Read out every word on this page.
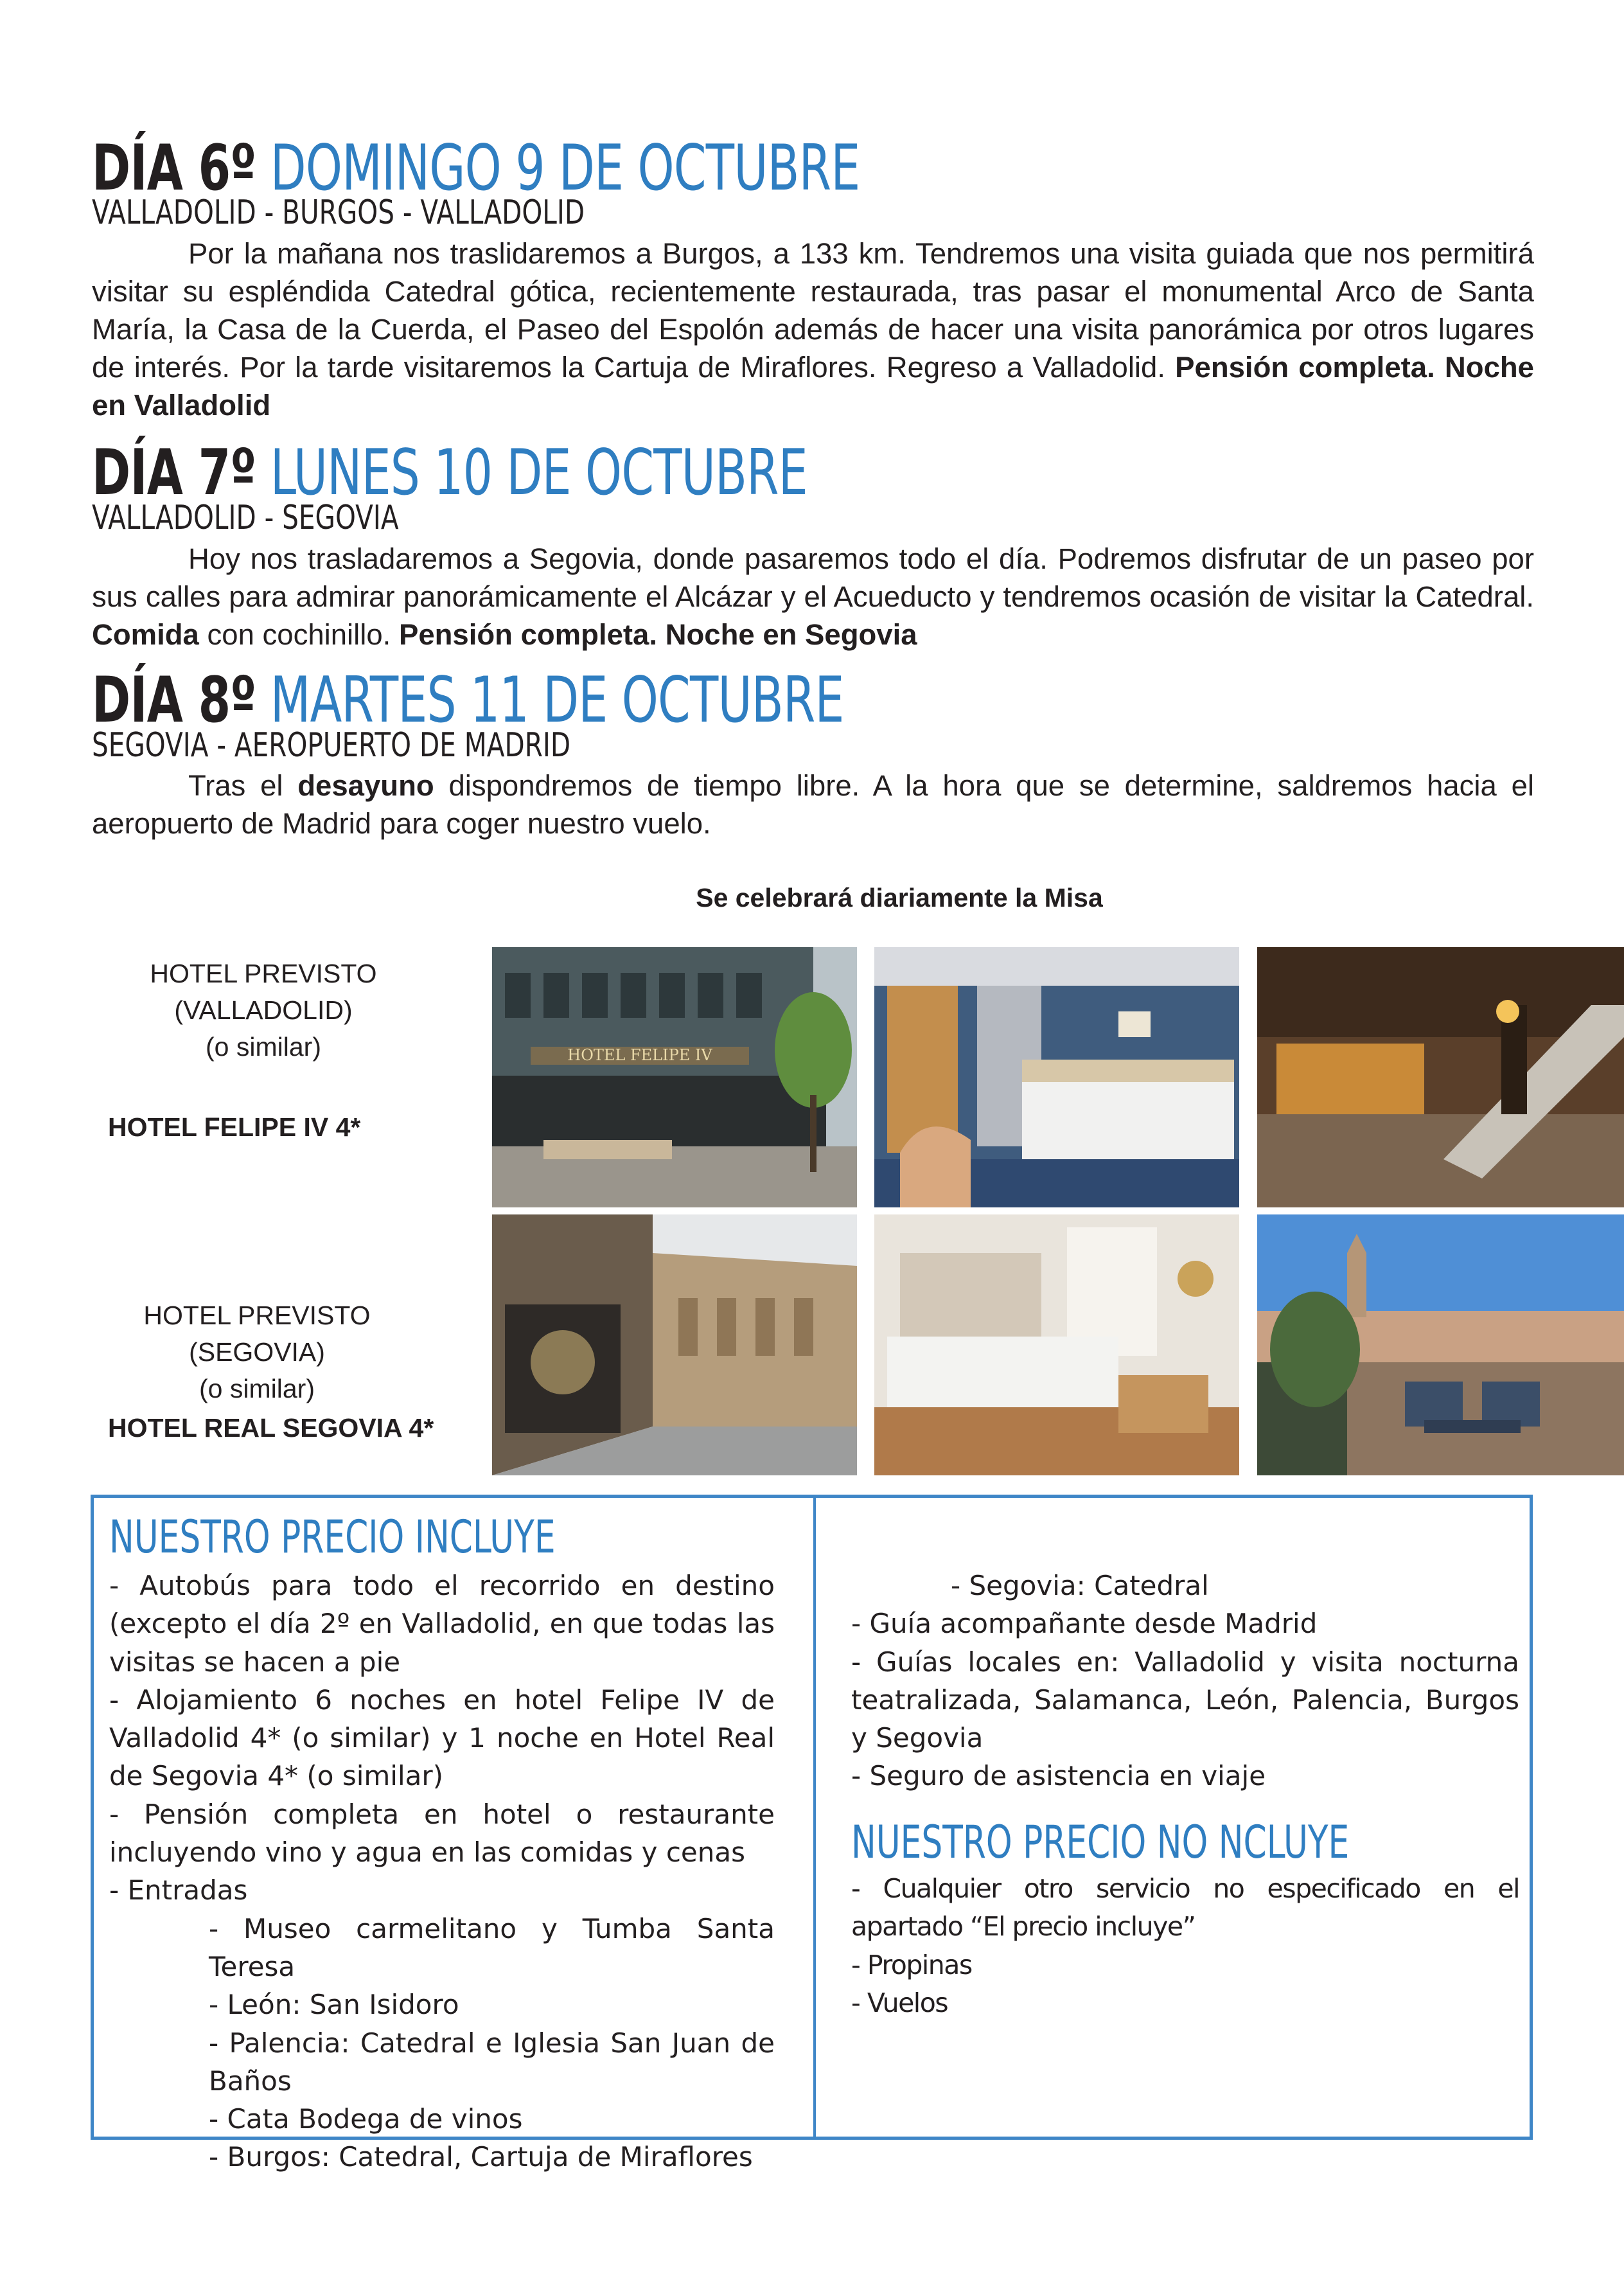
DÍA 6º DOMINGO 9 DE OCTUBRE
VALLADOLID - BURGOS - VALLADOLID

Por la mañana nos traslidaremos a Burgos, a 133 km. Tendremos una visita guiada que nos permitirá visitar su espléndida Catedral gótica, recientemente restaurada, tras pasar el monumental Arco de Santa María, la Casa de la Cuerda, el Paseo del Espolón además de hacer una visita panorámica por otros lugares de interés. Por la tarde visitaremos la Cartuja de Miraflores. Regreso a Valladolid. Pensión completa. Noche en Valladolid

DÍA 7º LUNES 10 DE OCTUBRE
VALLADOLID - SEGOVIA

Hoy nos trasladaremos a Segovia, donde pasaremos todo el día. Podremos disfrutar de un paseo por sus calles para admirar panorámicamente el Alcázar y el Acueducto y tendremos ocasión de visitar la Catedral. Comida con cochinillo. Pensión completa. Noche en Segovia

DÍA 8º MARTES 11 DE OCTUBRE
SEGOVIA - AEROPUERTO DE MADRID

Tras el desayuno dispondremos de tiempo libre. A la hora que se determine, saldremos hacia el aeropuerto de Madrid para coger nuestro vuelo.

Se celebrará diariamente la Misa
HOTEL PREVISTO
(VALLADOLID)
(o similar)
HOTEL FELIPE IV 4*
HOTEL PREVISTO
(SEGOVIA)
(o similar)
HOTEL REAL SEGOVIA 4*
HOTEL FELIPE IV
NUESTRO PRECIO INCLUYE
- Autobús para todo el recorrido en destino (excepto el día 2º en Valladolid, en que todas las visitas se hacen a pie
- Alojamiento 6 noches en hotel Felipe IV de Valladolid 4* (o similar) y 1 noche en Hotel Real de Segovia 4* (o similar)
- Pensión completa en hotel o restaurante incluyendo vino y agua en las comidas y cenas
- Entradas
- Museo carmelitano y Tumba Santa Teresa
- León: San Isidoro
- Palencia: Catedral e Iglesia San Juan de Baños
- Cata Bodega de vinos
- Burgos: Catedral, Cartuja de Miraflores
- Segovia: Catedral
- Guía acompañante desde Madrid
- Guías locales en: Valladolid y visita nocturna teatralizada, Salamanca, León, Palencia, Burgos y Segovia
- Seguro de asistencia en viaje
NUESTRO PRECIO NO NCLUYE
- Cualquier otro servicio no especificado en el apartado “El precio incluye”
- Propinas
- Vuelos
